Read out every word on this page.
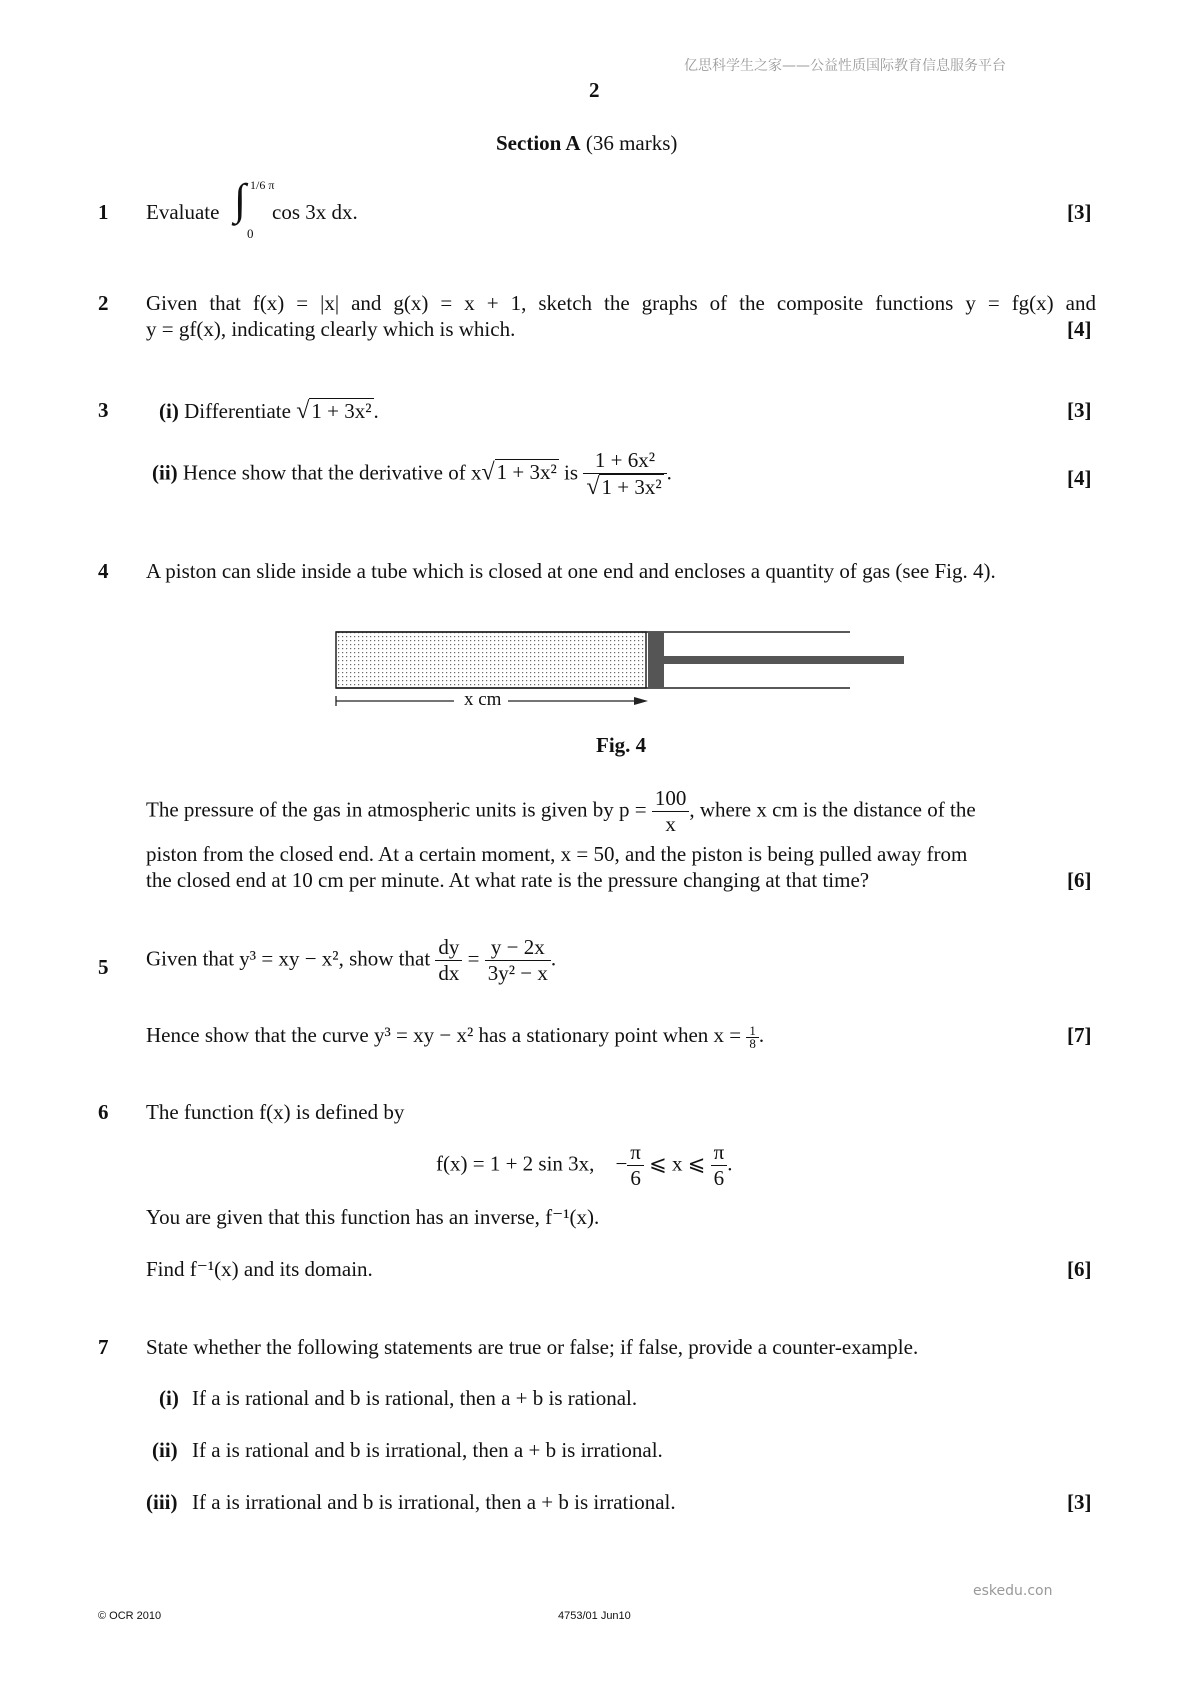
亿思科学生之家——公益性质国际教育信息服务平台
2
Section A (36 marks)
1 Evaluate ∫ 1/6 π
0
cos 3x dx.	[3]
2 Given that f(x) = |x| and g(x) = x + 1, sketch the graphs of the composite functions y = fg(x) and
y = gf(x), indicating clearly which is which.	[4]
3 (i) Differentiate √1 + 3x².	[3]
(ii) Hence show that the derivative of x√1 + 3x² is $\frac{\text{1 + 6x²}}{\text{√1 + 3x²}}$ .	[4]
4 A piston can slide inside a tube which is closed at one end and encloses a quantity of gas (see Fig. 4).
x cm
Fig. 4
The pressure of the gas in atmospheric units is given by $p = \frac{100}{x}$ , where x cm is the distance of the
piston from the closed end. At a certain moment, x = 50, and the piston is being pulled away from
the closed end at 10 cm per minute. At what rate is the pressure changing at that time?	[6]
5 Given that y³ = xy − x², show that $\frac{dy}{dx} = \frac{y - 2x}{\text{3y² − x}}$ .
Hence show that the curve y³ = xy − x² has a stationary point when $x = \frac{1}{8}$ .	[7]
6 The function f(x) is defined by
f(x) = 1 + 2 sin 3x, − $\frac{\pi}{6}$ ⩽ x ⩽ $\frac{\pi}{6}$ .
You are given that this function has an inverse, f⁻¹(x).
Find f⁻¹(x) and its domain.	[6]
7 State whether the following statements are true or false; if false, provide a counter-example.
(i) If a is rational and b is rational, then a + b is rational.
(ii) If a is rational and b is irrational, then a + b is irrational.
(iii) If a is irrational and b is irrational, then a + b is irrational.	[3]
eskedu.con
© OCR 2010	4753/01 Jun10
